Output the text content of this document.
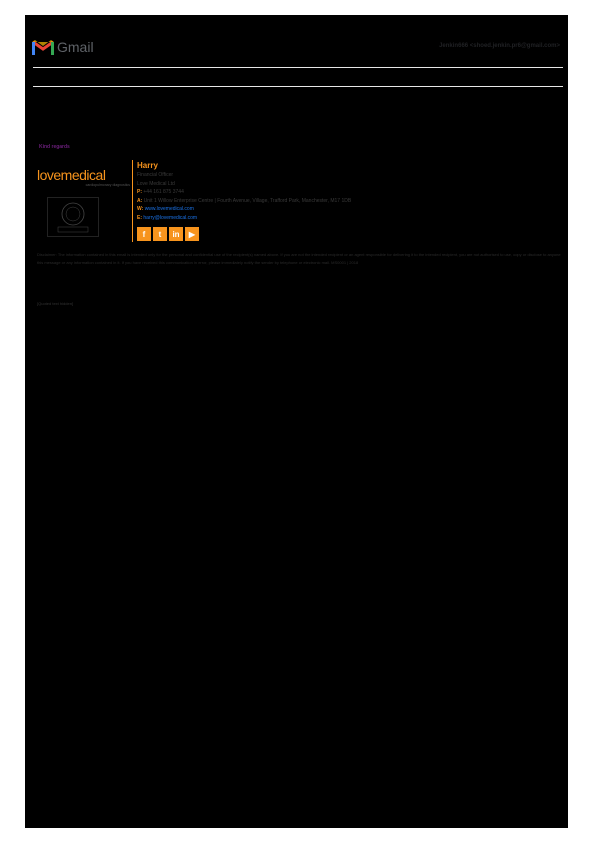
Gmail	Jenkin666 <shoed.jenkin.pr6@gmail.com>
Kind regards
lovemedical
cardiopulmonary diagnostics
Harry
Financial Officer
Love Medical Ltd
P: +44 161 875 3744
A: Unit 1 Willow Enterprise Centre | Fourth Avenue, Village, Trafford Park, Manchester, M17 1DB
W: www.lovemedical.com
E: harry@lovemedical.com
f	t	in	▶
Disclaimer: The information contained in this email is intended only for the personal and confidential use of the recipient(s) named above. If you are not the intended recipient or an agent responsible for delivering it to the intended recipient, you are not authorised to use, copy or disclose to anyone this message or any information contained in it. If you have received this communication in error, please immediately notify the sender by telephone or electronic mail. MS0001 | 2018
[Quoted text hidden]
